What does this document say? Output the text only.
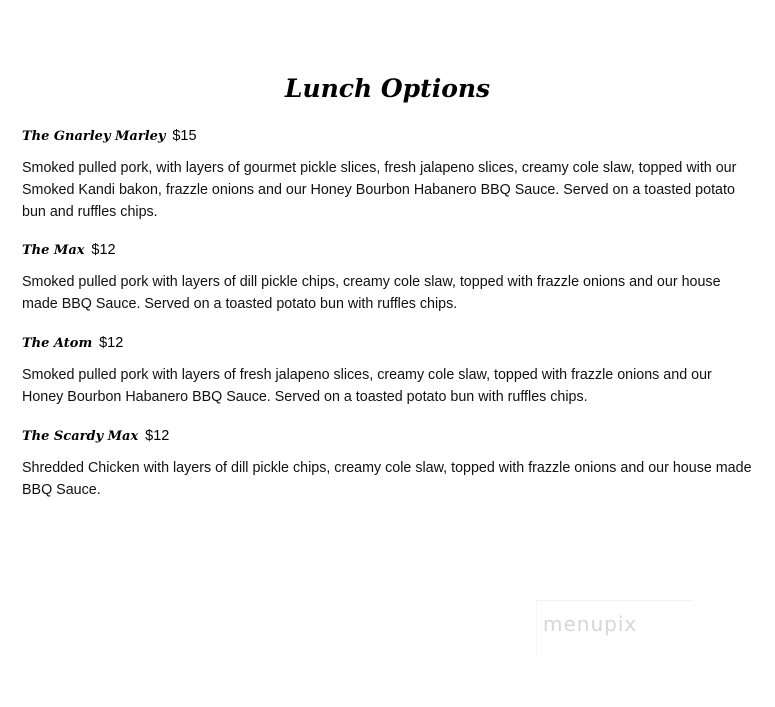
Lunch Options
The Gnarley Marley $15

Smoked pulled pork, with layers of gourmet pickle slices, fresh jalapeno slices, creamy cole slaw, topped with our Smoked Kandi bakon, frazzle onions and our Honey Bourbon Habanero BBQ Sauce. Served on a toasted potato bun and ruffles chips.

The Max $12

Smoked pulled pork with layers of dill pickle chips, creamy cole slaw, topped with frazzle onions and our house made BBQ Sauce. Served on a toasted potato bun with ruffles chips.

The Atom $12

Smoked pulled pork with layers of fresh jalapeno slices, creamy cole slaw, topped with frazzle onions and our Honey Bourbon Habanero BBQ Sauce. Served on a toasted potato bun with ruffles chips.

The Scardy Max $12

Shredded Chicken with layers of dill pickle chips, creamy cole slaw, topped with frazzle onions and our house made BBQ Sauce.

menupix
